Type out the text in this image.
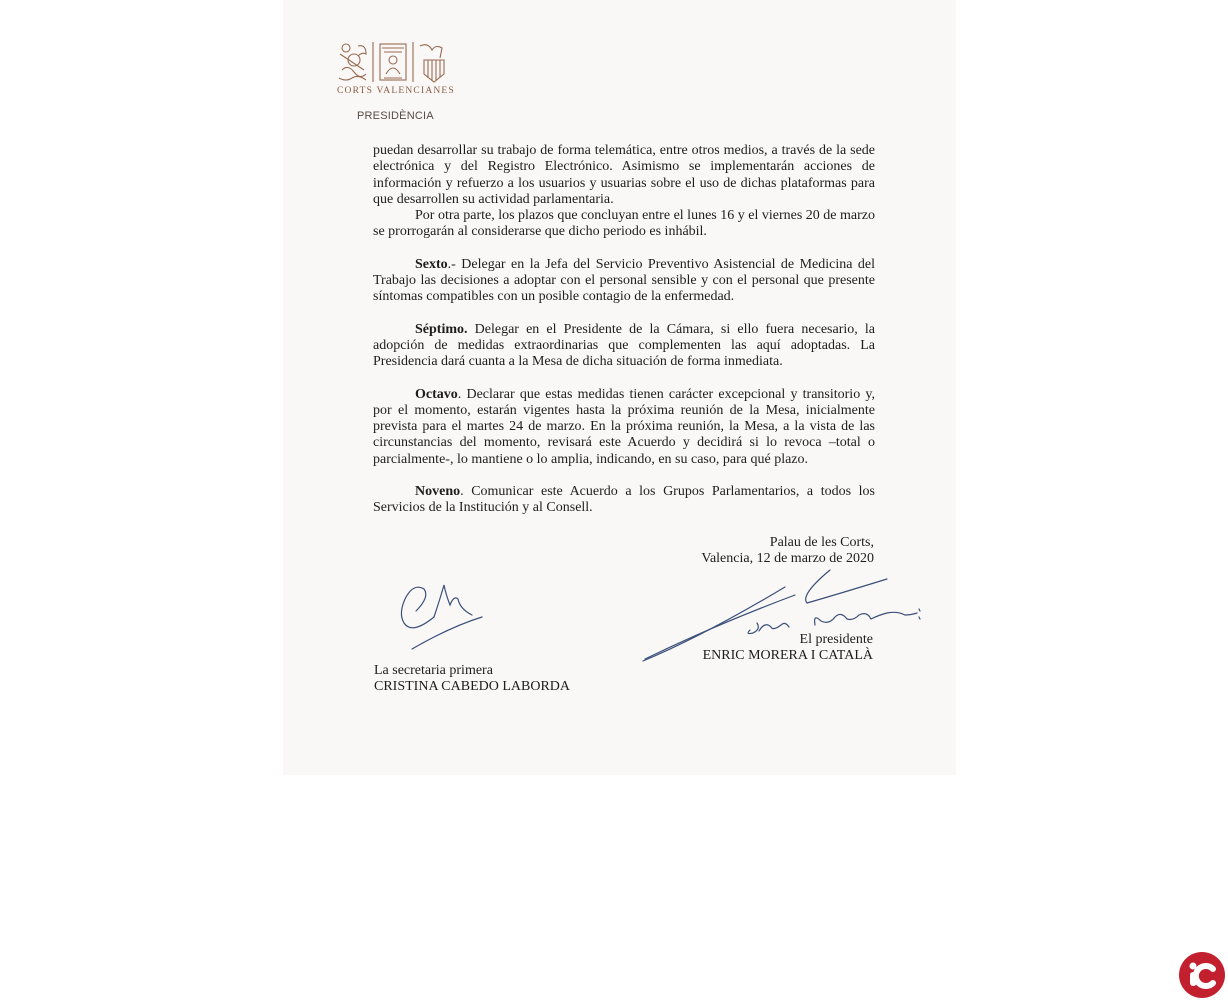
CORTS VALENCIANES
PRESIDÈNCIA

puedan desarrollar su trabajo de forma telemática, entre otros medios, a través de la sede electrónica y del Registro Electrónico. Asimismo se implementarán acciones de información y refuerzo a los usuarios y usuarias sobre el uso de dichas plataformas para que desarrollen su actividad parlamentaria.

Por otra parte, los plazos que concluyan entre el lunes 16 y el viernes 20 de marzo se prorrogarán al considerarse que dicho periodo es inhábil.

Sexto.- Delegar en la Jefa del Servicio Preventivo Asistencial de Medicina del Trabajo las decisiones a adoptar con el personal sensible y con el personal que presente síntomas compatibles con un posible contagio de la enfermedad.

Séptimo. Delegar en el Presidente de la Cámara, si ello fuera necesario, la adopción de medidas extraordinarias que complementen las aquí adoptadas. La Presidencia dará cuanta a la Mesa de dicha situación de forma inmediata.

Octavo. Declarar que estas medidas tienen carácter excepcional y transitorio y, por el momento, estarán vigentes hasta la próxima reunión de la Mesa, inicialmente prevista para el martes 24 de marzo. En la próxima reunión, la Mesa, a la vista de las circunstancias del momento, revisará este Acuerdo y decidirá si lo revoca –total o parcialmente-, lo mantiene o lo amplia, indicando, en su caso, para qué plazo.

Noveno. Comunicar este Acuerdo a los Grupos Parlamentarios, a todos los Servicios de la Institución y al Consell.

Palau de les Corts,
Valencia, 12 de marzo de 2020
El presidente
ENRIC MORERA I CATALÀ
La secretaria primera
CRISTINA CABEDO LABORDA
